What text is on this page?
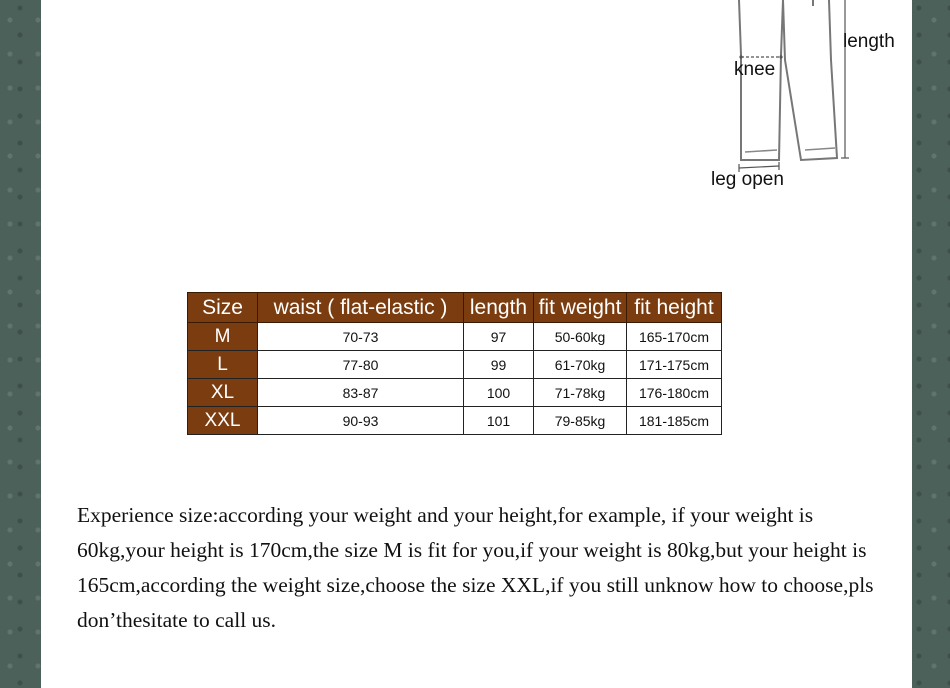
knee
length
leg open
Size	waist ( flat-elastic )	length	fit weight	fit height
M	70-73	97	50-60kg	165-170cm
L	77-80	99	61-70kg	171-175cm
XL	83-87	100	71-78kg	176-180cm
XXL	90-93	101	79-85kg	181-185cm

Experience size:according your weight and your height,for example, if your weight is 60kg,your height is 170cm,the size M is fit for you,if your weight is 80kg,but your height is 165cm,according the weight size,choose the size XXL,if you still unknow how to choose,pls don’thesitate to call us.
